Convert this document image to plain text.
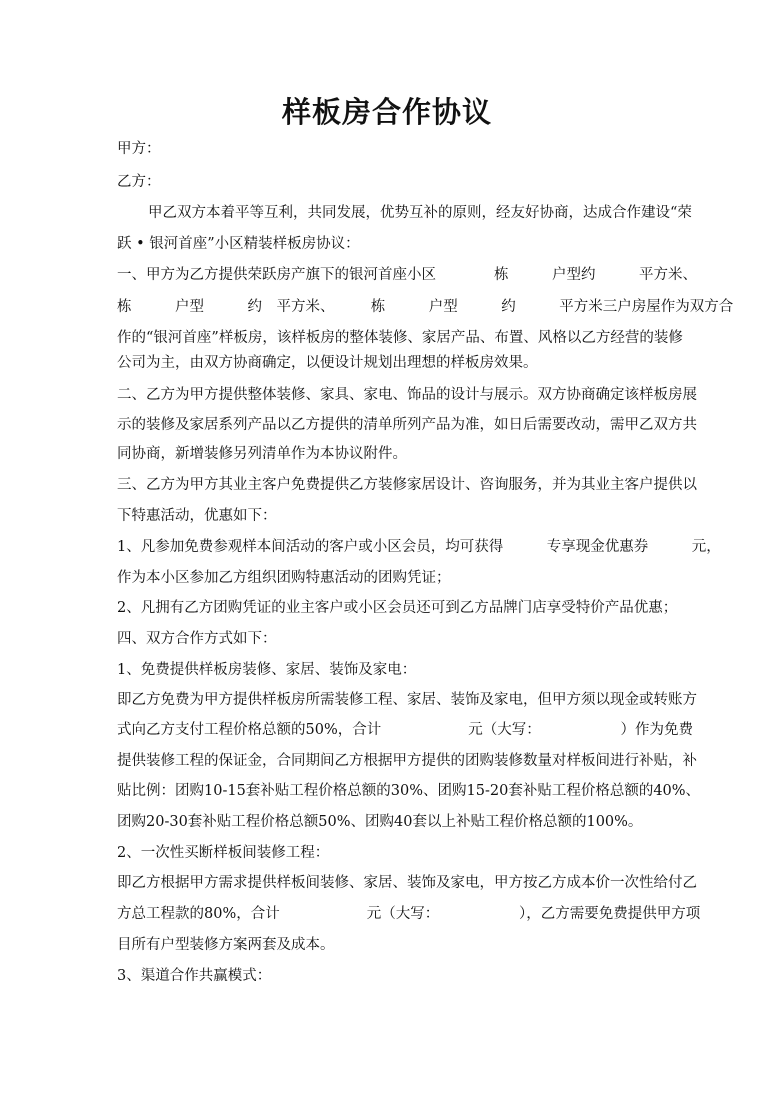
样板房合作协议
甲方：
乙方：
甲乙双方本着平等互利，共同发展，优势互补的原则，经友好协商，达成合作建设“荣
跃 • 银河首座”小区精装样板房协议：
一、甲方为乙方提供荣跃房产旗下的银河首座小区　　　　栋　　　户型约　　　平方米、
栋　　　户型　　　约　平方米、　　　栋　　　户型　　　约　　　平方米三户房屋作为双方合
作的“银河首座”样板房，该样板房的整体装修、家居产品、布置、风格以乙方经营的装修
公司为主，由双方协商确定，以便设计规划出理想的样板房效果。
二、乙方为甲方提供整体装修、家具、家电、饰品的设计与展示。双方协商确定该样板房展
示的装修及家居系列产品以乙方提供的清单所列产品为准，如日后需要改动，需甲乙双方共
同协商，新增装修另列清单作为本协议附件。
三、乙方为甲方其业主客户免费提供乙方装修家居设计、咨询服务，并为其业主客户提供以
下特惠活动，优惠如下：
1、凡参加免费参观样本间活动的客户或小区会员，均可获得　　　专享现金优惠券　　　元，
作为本小区参加乙方组织团购特惠活动的团购凭证；
2、凡拥有乙方团购凭证的业主客户或小区会员还可到乙方品牌门店享受特价产品优惠；
四、双方合作方式如下：
1、免费提供样板房装修、家居、装饰及家电：
即乙方免费为甲方提供样板房所需装修工程、家居、装饰及家电，但甲方须以现金或转账方
式向乙方支付工程价格总额的50%，合计　　　　　　元（大写：　　　　　　）作为免费
提供装修工程的保证金，合同期间乙方根据甲方提供的团购装修数量对样板间进行补贴，补
贴比例：团购10-15套补贴工程价格总额的30%、团购15-20套补贴工程价格总额的40%、
团购20-30套补贴工程价格总额50%、团购40套以上补贴工程价格总额的100%。
2、一次性买断样板间装修工程：
即乙方根据甲方需求提供样板间装修、家居、装饰及家电，甲方按乙方成本价一次性给付乙
方总工程款的80%，合计　　　　　　元（大写：　　　　　　），乙方需要免费提供甲方项
目所有户型装修方案两套及成本。
3、渠道合作共赢模式：
